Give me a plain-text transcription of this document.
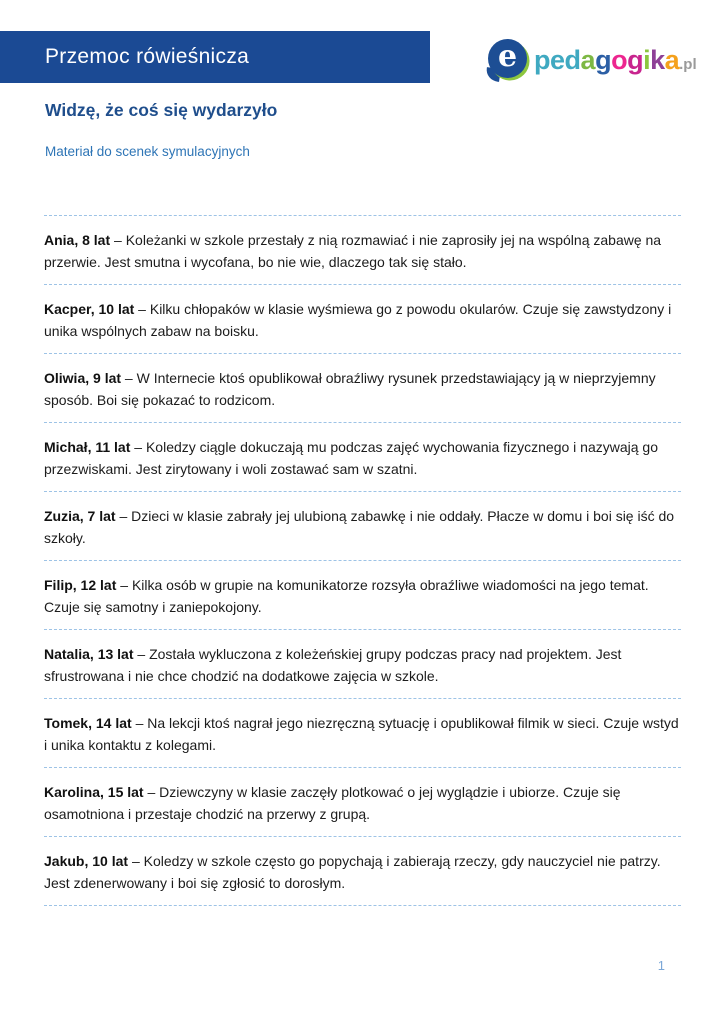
Przemoc rówieśnicza	e pedagogika.pl
Widzę, że coś się wydarzyło
Materiał do scenek symulacyjnych

Ania, 8 lat – Koleżanki w szkole przestały z nią rozmawiać i nie zaprosiły jej na wspólną zabawę na przerwie. Jest smutna i wycofana, bo nie wie, dlaczego tak się stało.

Kacper, 10 lat – Kilku chłopaków w klasie wyśmiewa go z powodu okularów. Czuje się zawstydzony i unika wspólnych zabaw na boisku.

Oliwia, 9 lat – W Internecie ktoś opublikował obraźliwy rysunek przedstawiający ją w nieprzyjemny sposób. Boi się pokazać to rodzicom.

Michał, 11 lat – Koledzy ciągle dokuczają mu podczas zajęć wychowania fizycznego i nazywają go przezwiskami. Jest zirytowany i woli zostawać sam w szatni.

Zuzia, 7 lat – Dzieci w klasie zabrały jej ulubioną zabawkę i nie oddały. Płacze w domu i boi się iść do szkoły.

Filip, 12 lat – Kilka osób w grupie na komunikatorze rozsyła obraźliwe wiadomości na jego temat. Czuje się samotny i zaniepokojony.

Natalia, 13 lat – Została wykluczona z koleżeńskiej grupy podczas pracy nad projektem. Jest sfrustrowana i nie chce chodzić na dodatkowe zajęcia w szkole.

Tomek, 14 lat – Na lekcji ktoś nagrał jego niezręczną sytuację i opublikował filmik w sieci. Czuje wstyd i unika kontaktu z kolegami.

Karolina, 15 lat – Dziewczyny w klasie zaczęły plotkować o jej wyglądzie i ubiorze. Czuje się osamotniona i przestaje chodzić na przerwy z grupą.

Jakub, 10 lat – Koledzy w szkole często go popychają i zabierają rzeczy, gdy nauczyciel nie patrzy. Jest zdenerwowany i boi się zgłosić to dorosłym.

1
